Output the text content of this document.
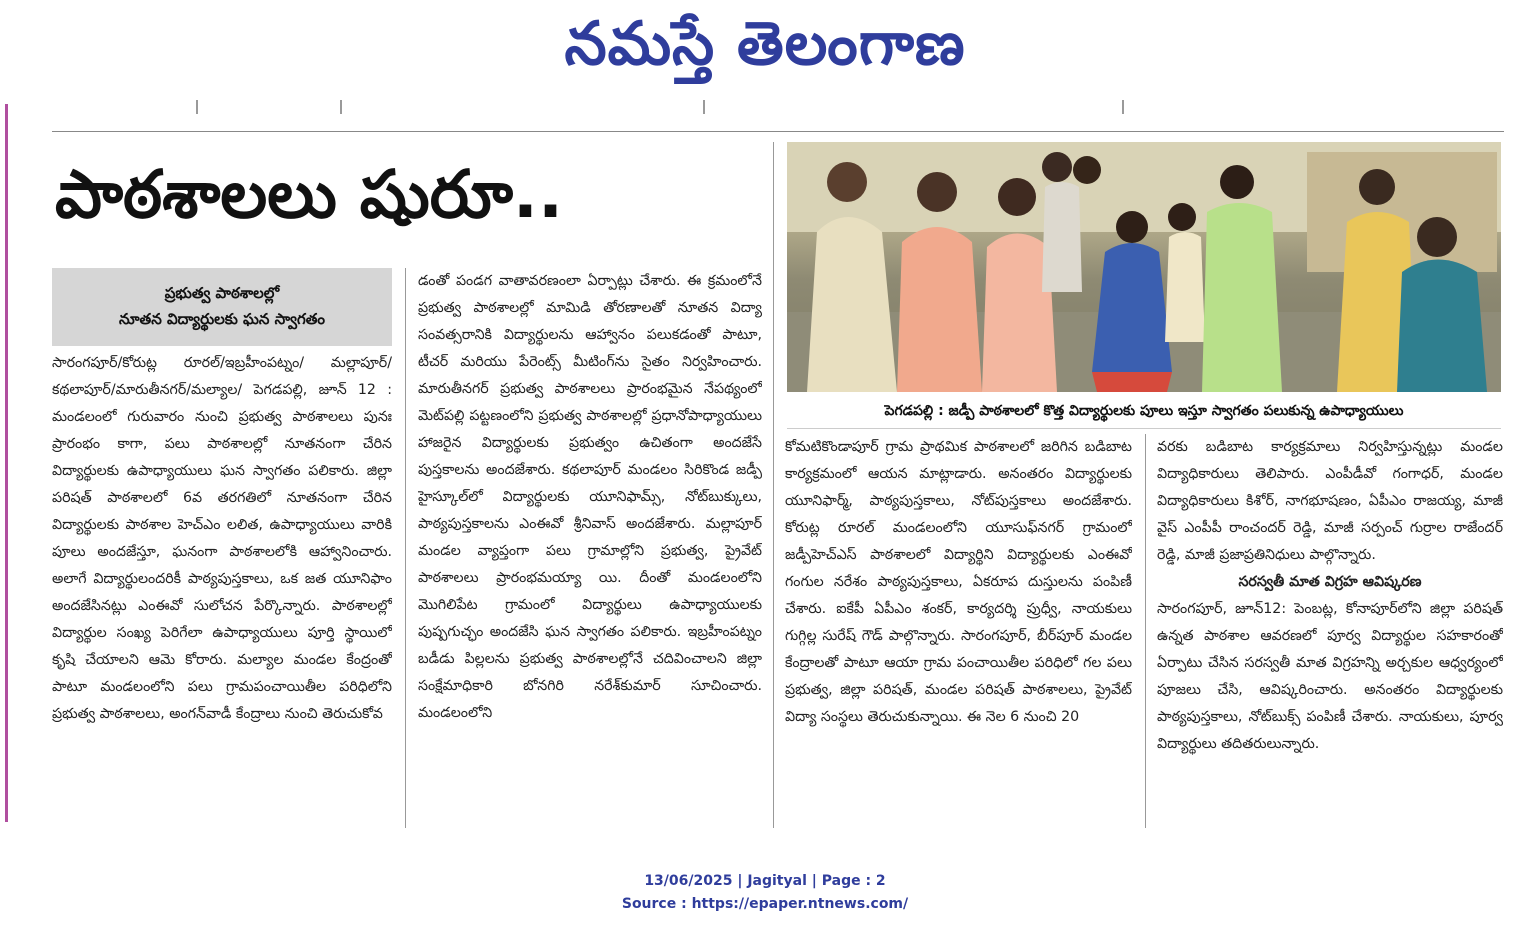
నమస్తే తెలంగాణ
పాఠశాలలు షురూ..
ప్రభుత్వ పాఠశాలల్లో
నూతన విద్యార్థులకు ఘన స్వాగతం

సారంగపూర్/కోరుట్ల రూరల్/ఇబ్రహీంపట్నం/ మల్లాపూర్/కథలాపూర్/మారుతీనగర్/మల్యాల/ పెగడపల్లి, జూన్ 12 : మండలంలో గురువారం నుంచి ప్రభుత్వ పాఠశాలలు పునః ప్రారంభం కాగా, పలు పాఠశాలల్లో నూతనంగా చేరిన విద్యార్థులకు ఉపాధ్యాయులు ఘన స్వాగతం పలికారు. జిల్లా పరిషత్ పాఠశాలలో 6వ తరగతిలో నూతనంగా చేరిన విద్యార్థులకు పాఠశాల హెచ్ఎం లలిత, ఉపాధ్యాయులు వారికి పూలు అందజేస్తూ, ఘనంగా పాఠశాలలోకి ఆహ్వానించారు. అలాగే విద్యార్థులందరికీ పాఠ్యపుస్తకాలు, ఒక జత యూనిఫాం అందజేసినట్లు ఎంఈవో సులోచన పేర్కొన్నారు. పాఠశాలల్లో విద్యార్థుల సంఖ్య పెరిగేలా ఉపాధ్యాయులు పూర్తి స్థాయిలో కృషి చేయాలని ఆమె కోరారు. మల్యాల మండల కేంద్రంతో పాటూ మండలంలోని పలు గ్రామపంచాయితీల పరిధిలోని ప్రభుత్వ పాఠశాలలు, అంగన్‌వాడీ కేంద్రాలు నుంచి తెరుచుకోవ

డంతో పండగ వాతావరణంలా ఏర్పాట్లు చేశారు. ఈ క్రమంలోనే ప్రభుత్వ పాఠశాలల్లో మామిడి తోరణాలతో నూతన విద్యా సంవత్సరానికి విద్యార్థులను ఆహ్వానం పలుకడంతో పాటూ, టీచర్ మరియు పేరెంట్స్ మీటింగ్‌ను సైతం నిర్వహించారు. మారుతీనగర్ ప్రభుత్వ పాఠశాలలు ప్రారంభమైన నేపథ్యంలో మెట్‌పల్లి పట్టణంలోని ప్రభుత్వ పాఠశాలల్లో ప్రధానోపాధ్యాయులు హాజరైన విద్యార్థులకు ప్రభుత్వం ఉచితంగా అందజేసే పుస్తకాలను అందజేశారు. కథలాపూర్ మండలం సిరికొండ జడ్పీ హైస్కూల్‌లో విద్యార్థులకు యూనిఫామ్స్, నోట్‌బుక్కులు, పాఠ్యపుస్తకాలను ఎంఈవో శ్రీనివాస్ అందజేశారు. మల్లాపూర్ మండల వ్యాప్తంగా పలు గ్రామాల్లోని ప్రభుత్వ, ప్రైవేట్ పాఠశాలలు ప్రారంభమయ్యా యి. దీంతో మండలంలోని మొగిలిపేట గ్రామంలో విద్యార్థులు ఉపాధ్యాయులకు పుష్పగుచ్ఛం అందజేసి ఘన స్వాగతం పలికారు. ఇబ్రహీంపట్నం బడీడు పిల్లలను ప్రభుత్వ పాఠశాలల్లోనే చదివించాలని జిల్లా సంక్షేమాధికారి బోనగిరి నరేశ్‌కుమార్ సూచించారు. మండలంలోని

పెగడపల్లి : జడ్పీ పాఠశాలలో కొత్త విద్యార్థులకు పూలు ఇస్తూ స్వాగతం పలుకున్న ఉపాధ్యాయులు

కోమటికొండాపూర్ గ్రామ ప్రాథమిక పాఠశాలలో జరిగిన బడిబాట కార్యక్రమంలో ఆయన మాట్లాడారు. అనంతరం విద్యార్థులకు యూనిఫార్మ్, పాఠ్యపుస్తకాలు, నోట్‌పుస్తకాలు అందజేశారు. కోరుట్ల రూరల్ మండలంలోని యూసుఫ్‌నగర్ గ్రామంలో జడ్పీహెచ్‌ఎస్ పాఠశాలలో విద్యార్థిని విద్యార్థులకు ఎంఈవో గంగుల నరేశం పాఠ్యపుస్తకాలు, ఏకరూప దుస్తులను పంపిణీ చేశారు. ఐకేపీ ఏపీఎం శంకర్, కార్యదర్శి ప్రుధ్వీ, నాయకులు గుగ్గిల్ల సురేష్ గౌడ్ పాల్గొన్నారు. సారంగపూర్, బీర్‌పూర్ మండల కేంద్రాలతో పాటూ ఆయా గ్రామ పంచాయితీల పరిధిలో గల పలు ప్రభుత్వ, జిల్లా పరిషత్, మండల పరిషత్ పాఠశాలలు, ప్రైవేట్ విద్యా సంస్థలు తెరుచుకున్నాయి. ఈ నెల 6 నుంచి 20

వరకు బడిబాట కార్యక్రమాలు నిర్వహిస్తున్నట్లు మండల విద్యాధికారులు తెలిపారు. ఎంపీడీవో గంగాధర్, మండల విద్యాధికారులు కిశోర్, నాగభూషణం, ఏపీఎం రాజయ్య, మాజీ వైస్ ఎంపీపీ రాంచందర్ రెడ్డి, మాజీ సర్పంచ్ గుర్రాల రాజేందర్ రెడ్డి, మాజీ ప్రజాప్రతినిధులు పాల్గొన్నారు.

సరస్వతీ మాత విగ్రహ ఆవిష్కరణ

సారంగపూర్, జూన్12: పెంబట్ల, కోనాపూర్‌లోని జిల్లా పరిషత్ ఉన్నత పాఠశాల ఆవరణలో పూర్వ విద్యార్థుల సహకారంతో ఏర్పాటు చేసిన సరస్వతీ మాత విగ్రహన్ని అర్చకుల ఆధ్వర్యంలో పూజలు చేసి, ఆవిష్కరించారు. అనంతరం విద్యార్థులకు పాఠ్యపుస్తకాలు, నోట్‌బుక్స్ పంపిణీ చేశారు. నాయకులు, పూర్వ విద్యార్థులు తదితరులున్నారు.

13/06/2025 | Jagityal | Page : 2
Source : https://epaper.ntnews.com/
